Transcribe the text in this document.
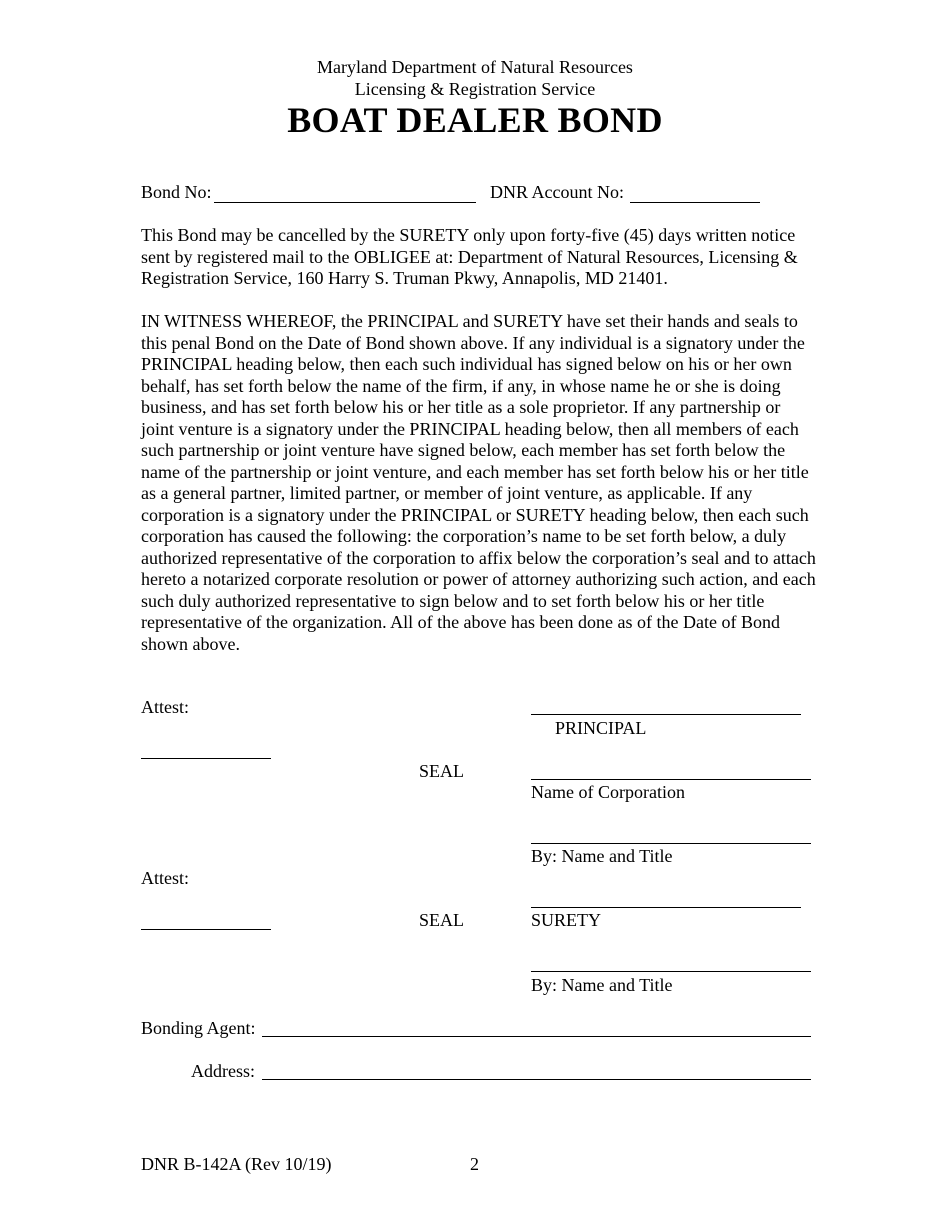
Maryland Department of Natural Resources
Licensing & Registration Service
BOAT DEALER BOND
Bond No:	DNR Account No:
This Bond may be cancelled by the SURETY only upon forty-five (45) days written notice sent by registered mail to the OBLIGEE at: Department of Natural Resources, Licensing & Registration Service, 160 Harry S. Truman Pkwy, Annapolis, MD 21401.
IN WITNESS WHEREOF, the PRINCIPAL and SURETY have set their hands and seals to this penal Bond on the Date of Bond shown above. If any individual is a signatory under the PRINCIPAL heading below, then each such individual has signed below on his or her own behalf, has set forth below the name of the firm, if any, in whose name he or she is doing business, and has set forth below his or her title as a sole proprietor. If any partnership or joint venture is a signatory under the PRINCIPAL heading below, then all members of each such partnership or joint venture have signed below, each member has set forth below the name of the partnership or joint venture, and each member has set forth below his or her title as a general partner, limited partner, or member of joint venture, as applicable. If any corporation is a signatory under the PRINCIPAL or SURETY heading below, then each such corporation has caused the following: the corporation’s name to be set forth below, a duly authorized representative of the corporation to affix below the corporation’s seal and to attach hereto a notarized corporate resolution or power of attorney authorizing such action, and each such duly authorized representative to sign below and to set forth below his or her title representative of the organization. All of the above has been done as of the Date of Bond shown above.
Attest:
PRINCIPAL
SEAL
Name of Corporation
By: Name and Title
Attest:
SEAL	SURETY
By: Name and Title
Bonding Agent:
Address:
DNR B-142A (Rev 10/19)	2
